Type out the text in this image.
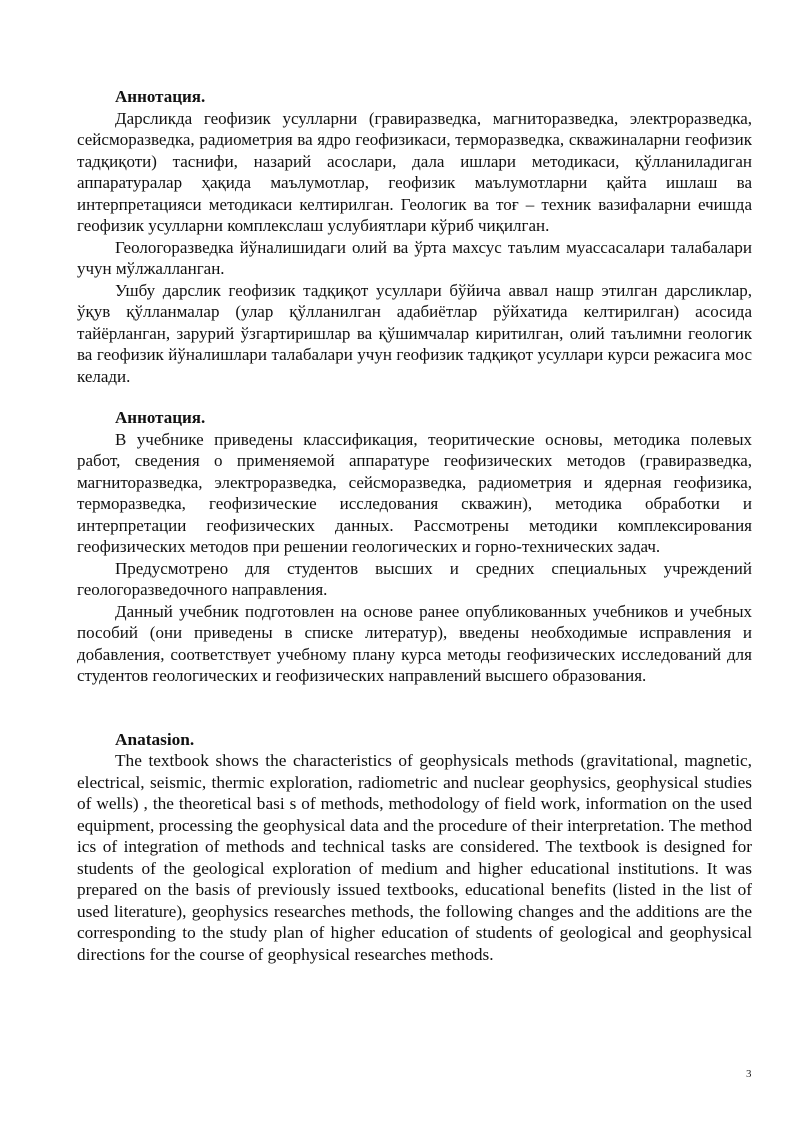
Аннотация.

Дарсликда геофизик усулларни (гравиразведка, магниторазведка, электроразведка, сейсморазведка, радиометрия ва ядро геофизикаси, терморазведка, скважиналарни геофизик тадқиқоти) таснифи, назарий асослари, дала ишлари методикаси, қўлланиладиган аппаратуралар ҳақида маълумотлар, геофизик маълумотларни қайта ишлаш ва интерпретацияси методикаси келтирилган. Геологик ва тоғ – техник вазифаларни ечишда геофизик усулларни комплекслаш услубиятлари кўриб чиқилган.

Геологоразведка йўналишидаги олий ва ўрта махсус таълим муассасалари талабалари учун мўлжалланган.

Ушбу дарслик геофизик тадқиқот усуллари бўйича аввал нашр этилган дарсликлар, ўқув қўлланмалар (улар қўлланилган адабиётлар рўйхатида келтирилган) асосида тайёрланган, зарурий ўзгартиришлар ва қўшимчалар киритилган, олий таълимни геологик ва геофизик йўналишлари талабалари учун геофизик тадқиқот усуллари курси режасига мос келади.

Аннотация.

В учебнике приведены классификация, теоритические основы, методика полевых работ, сведения о применяемой аппаратуре геофизических методов (гравиразведка, магниторазведка, электроразведка, сейсморазведка, радиометрия и ядерная геофизика, терморазведка, геофизические исследования скважин), методика обработки и интерпретации геофизических данных. Рассмотрены методики комплексирования геофизических методов при решении геологических и горно-технических задач.

Предусмотрено для студентов высших и средних специальных учреждений геологоразведочного направления.

Данный учебник подготовлен на основе ранее опубликованных учебников и учебных пособий (они приведены в списке литератур), введены необходимые исправления и добавления, соответствует учебному плану курса методы геофизических исследований для студентов геологических и геофизических направлений высшего образования.

Anatasion.

The textbook shows the characteristics of geophysicals methods (gravitational, magnetic, electrical, seismic, thermic exploration, radiometric and nuclear geophysics, geophysical studies of wells) , the theoretical basi s of methods, methodology of field work, information on the used equipment, processing the geophysical data and the procedure of their interpretation. The method ics of integration of methods and technical tasks are considered. The textbook is designed for students of the geological exploration of medium and higher educational institutions. It was prepared on the basis of previously issued textbooks, educational benefits (listed in the list of used literature), geophysics researches methods, the following changes and the additions are the corresponding to the study plan of higher education of students of geological and geophysical directions for the course of geophysical researches methods.

3
